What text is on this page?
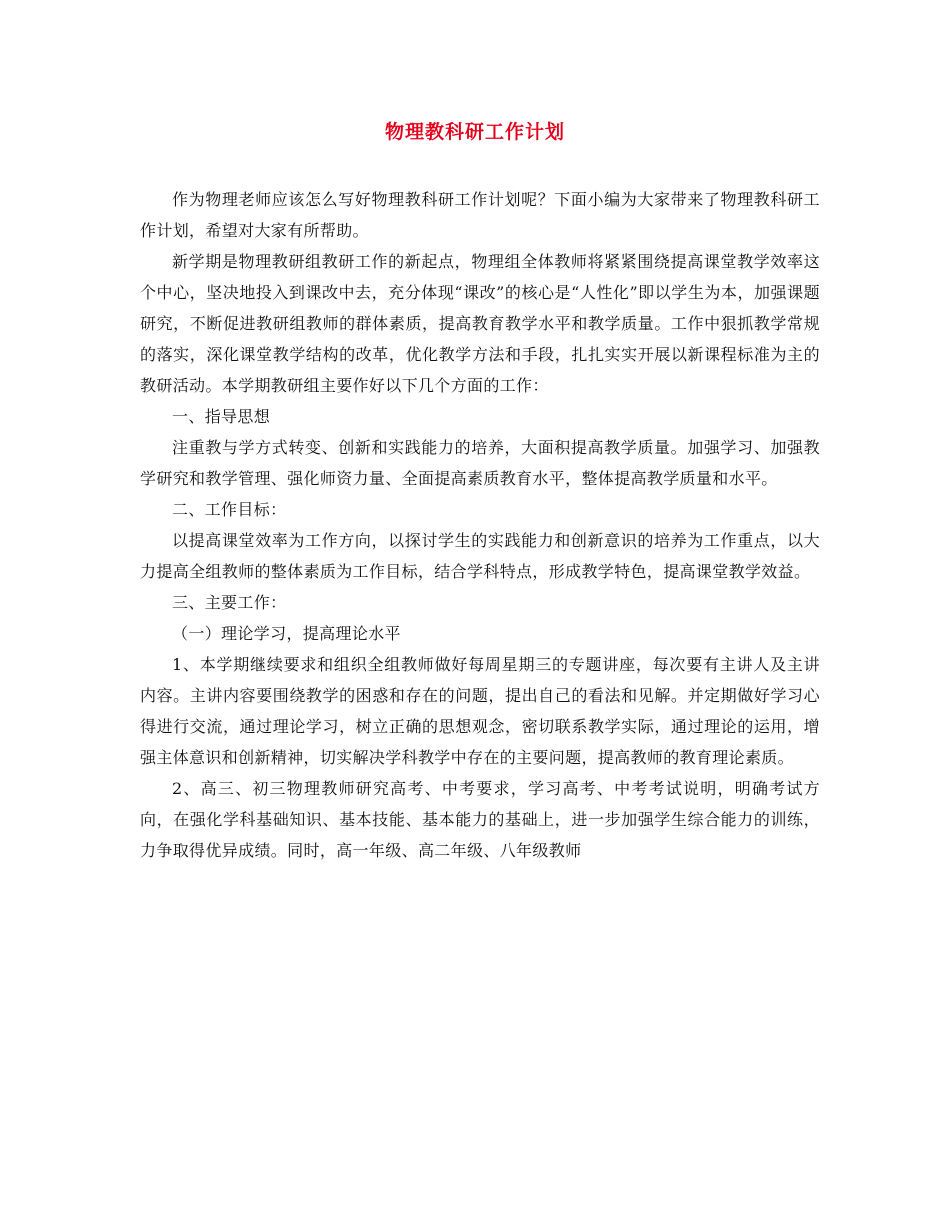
物理教科研工作计划

作为物理老师应该怎么写好物理教科研工作计划呢？下面小编为大家带来了物理教科研工作计划，希望对大家有所帮助。

新学期是物理教研组教研工作的新起点，物理组全体教师将紧紧围绕提高课堂教学效率这个中心，坚决地投入到课改中去，充分体现“课改”的核心是“人性化”即以学生为本，加强课题研究，不断促进教研组教师的群体素质，提高教育教学水平和教学质量。工作中狠抓教学常规的落实，深化课堂教学结构的改革，优化教学方法和手段，扎扎实实开展以新课程标准为主的教研活动。本学期教研组主要作好以下几个方面的工作：

一、指导思想

注重教与学方式转变、创新和实践能力的培养，大面积提高教学质量。加强学习、加强教学研究和教学管理、强化师资力量、全面提高素质教育水平，整体提高教学质量和水平。

二、工作目标：

以提高课堂效率为工作方向，以探讨学生的实践能力和创新意识的培养为工作重点，以大力提高全组教师的整体素质为工作目标，结合学科特点，形成教学特色，提高课堂教学效益。

三、主要工作：

（一）理论学习，提高理论水平

1、本学期继续要求和组织全组教师做好每周星期三的专题讲座，每次要有主讲人及主讲内容。主讲内容要围绕教学的困惑和存在的问题，提出自己的看法和见解。并定期做好学习心得进行交流，通过理论学习，树立正确的思想观念，密切联系教学实际，通过理论的运用，增强主体意识和创新精神，切实解决学科教学中存在的主要问题，提高教师的教育理论素质。

2、高三、初三物理教师研究高考、中考要求，学习高考、中考考试说明，明确考试方向，在强化学科基础知识、基本技能、基本能力的基础上，进一步加强学生综合能力的训练，力争取得优异成绩。同时，高一年级、高二年级、八年级教师
